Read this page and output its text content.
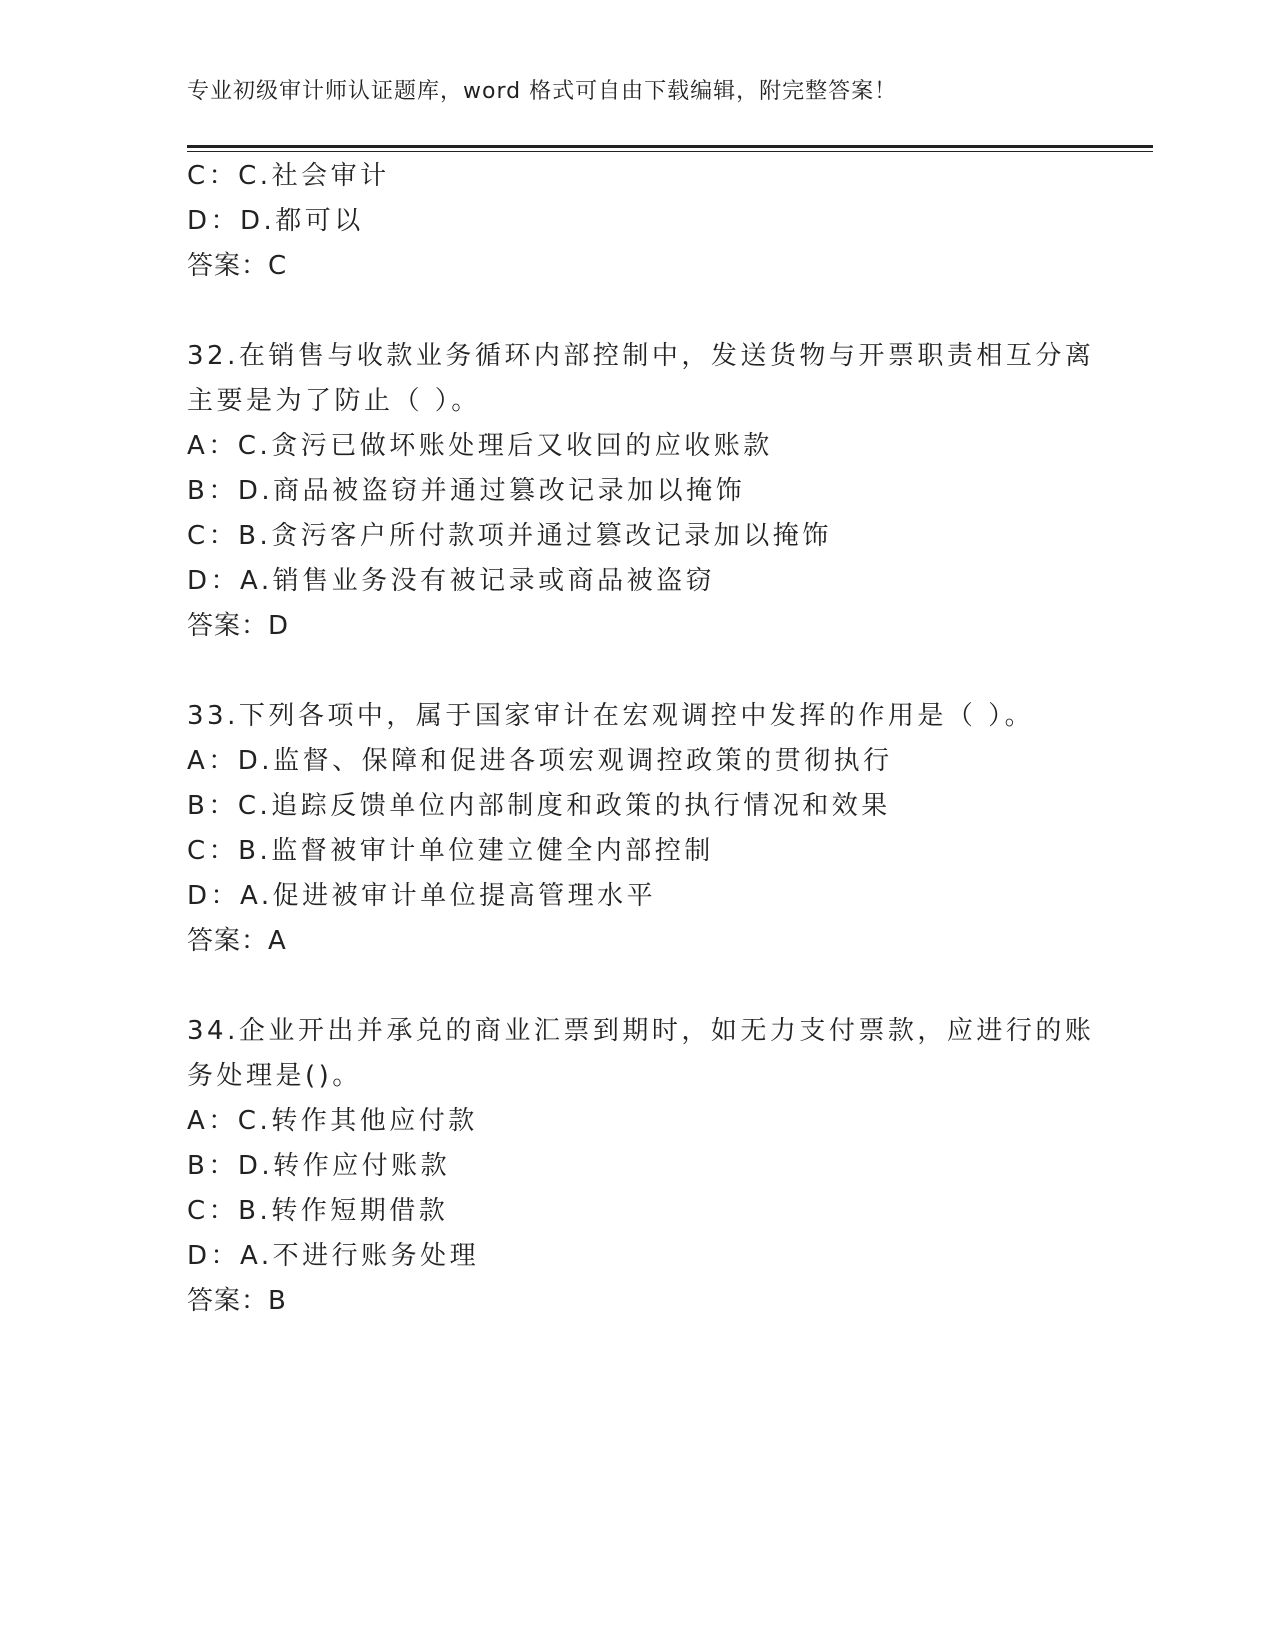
专业初级审计师认证题库，word 格式可自由下载编辑，附完整答案！
C：C.社会审计
D：D.都可以
答案：C
32.在销售与收款业务循环内部控制中，发送货物与开票职责相互分离
主要是为了防止（ ）。
A：C.贪污已做坏账处理后又收回的应收账款
B：D.商品被盗窃并通过篡改记录加以掩饰
C：B.贪污客户所付款项并通过篡改记录加以掩饰
D：A.销售业务没有被记录或商品被盗窃
答案：D
33.下列各项中，属于国家审计在宏观调控中发挥的作用是（ ）。
A：D.监督、保障和促进各项宏观调控政策的贯彻执行
B：C.追踪反馈单位内部制度和政策的执行情况和效果
C：B.监督被审计单位建立健全内部控制
D：A.促进被审计单位提高管理水平
答案：A
34.企业开出并承兑的商业汇票到期时，如无力支付票款，应进行的账
务处理是()。
A：C.转作其他应付款
B：D.转作应付账款
C：B.转作短期借款
D：A.不进行账务处理
答案：B
